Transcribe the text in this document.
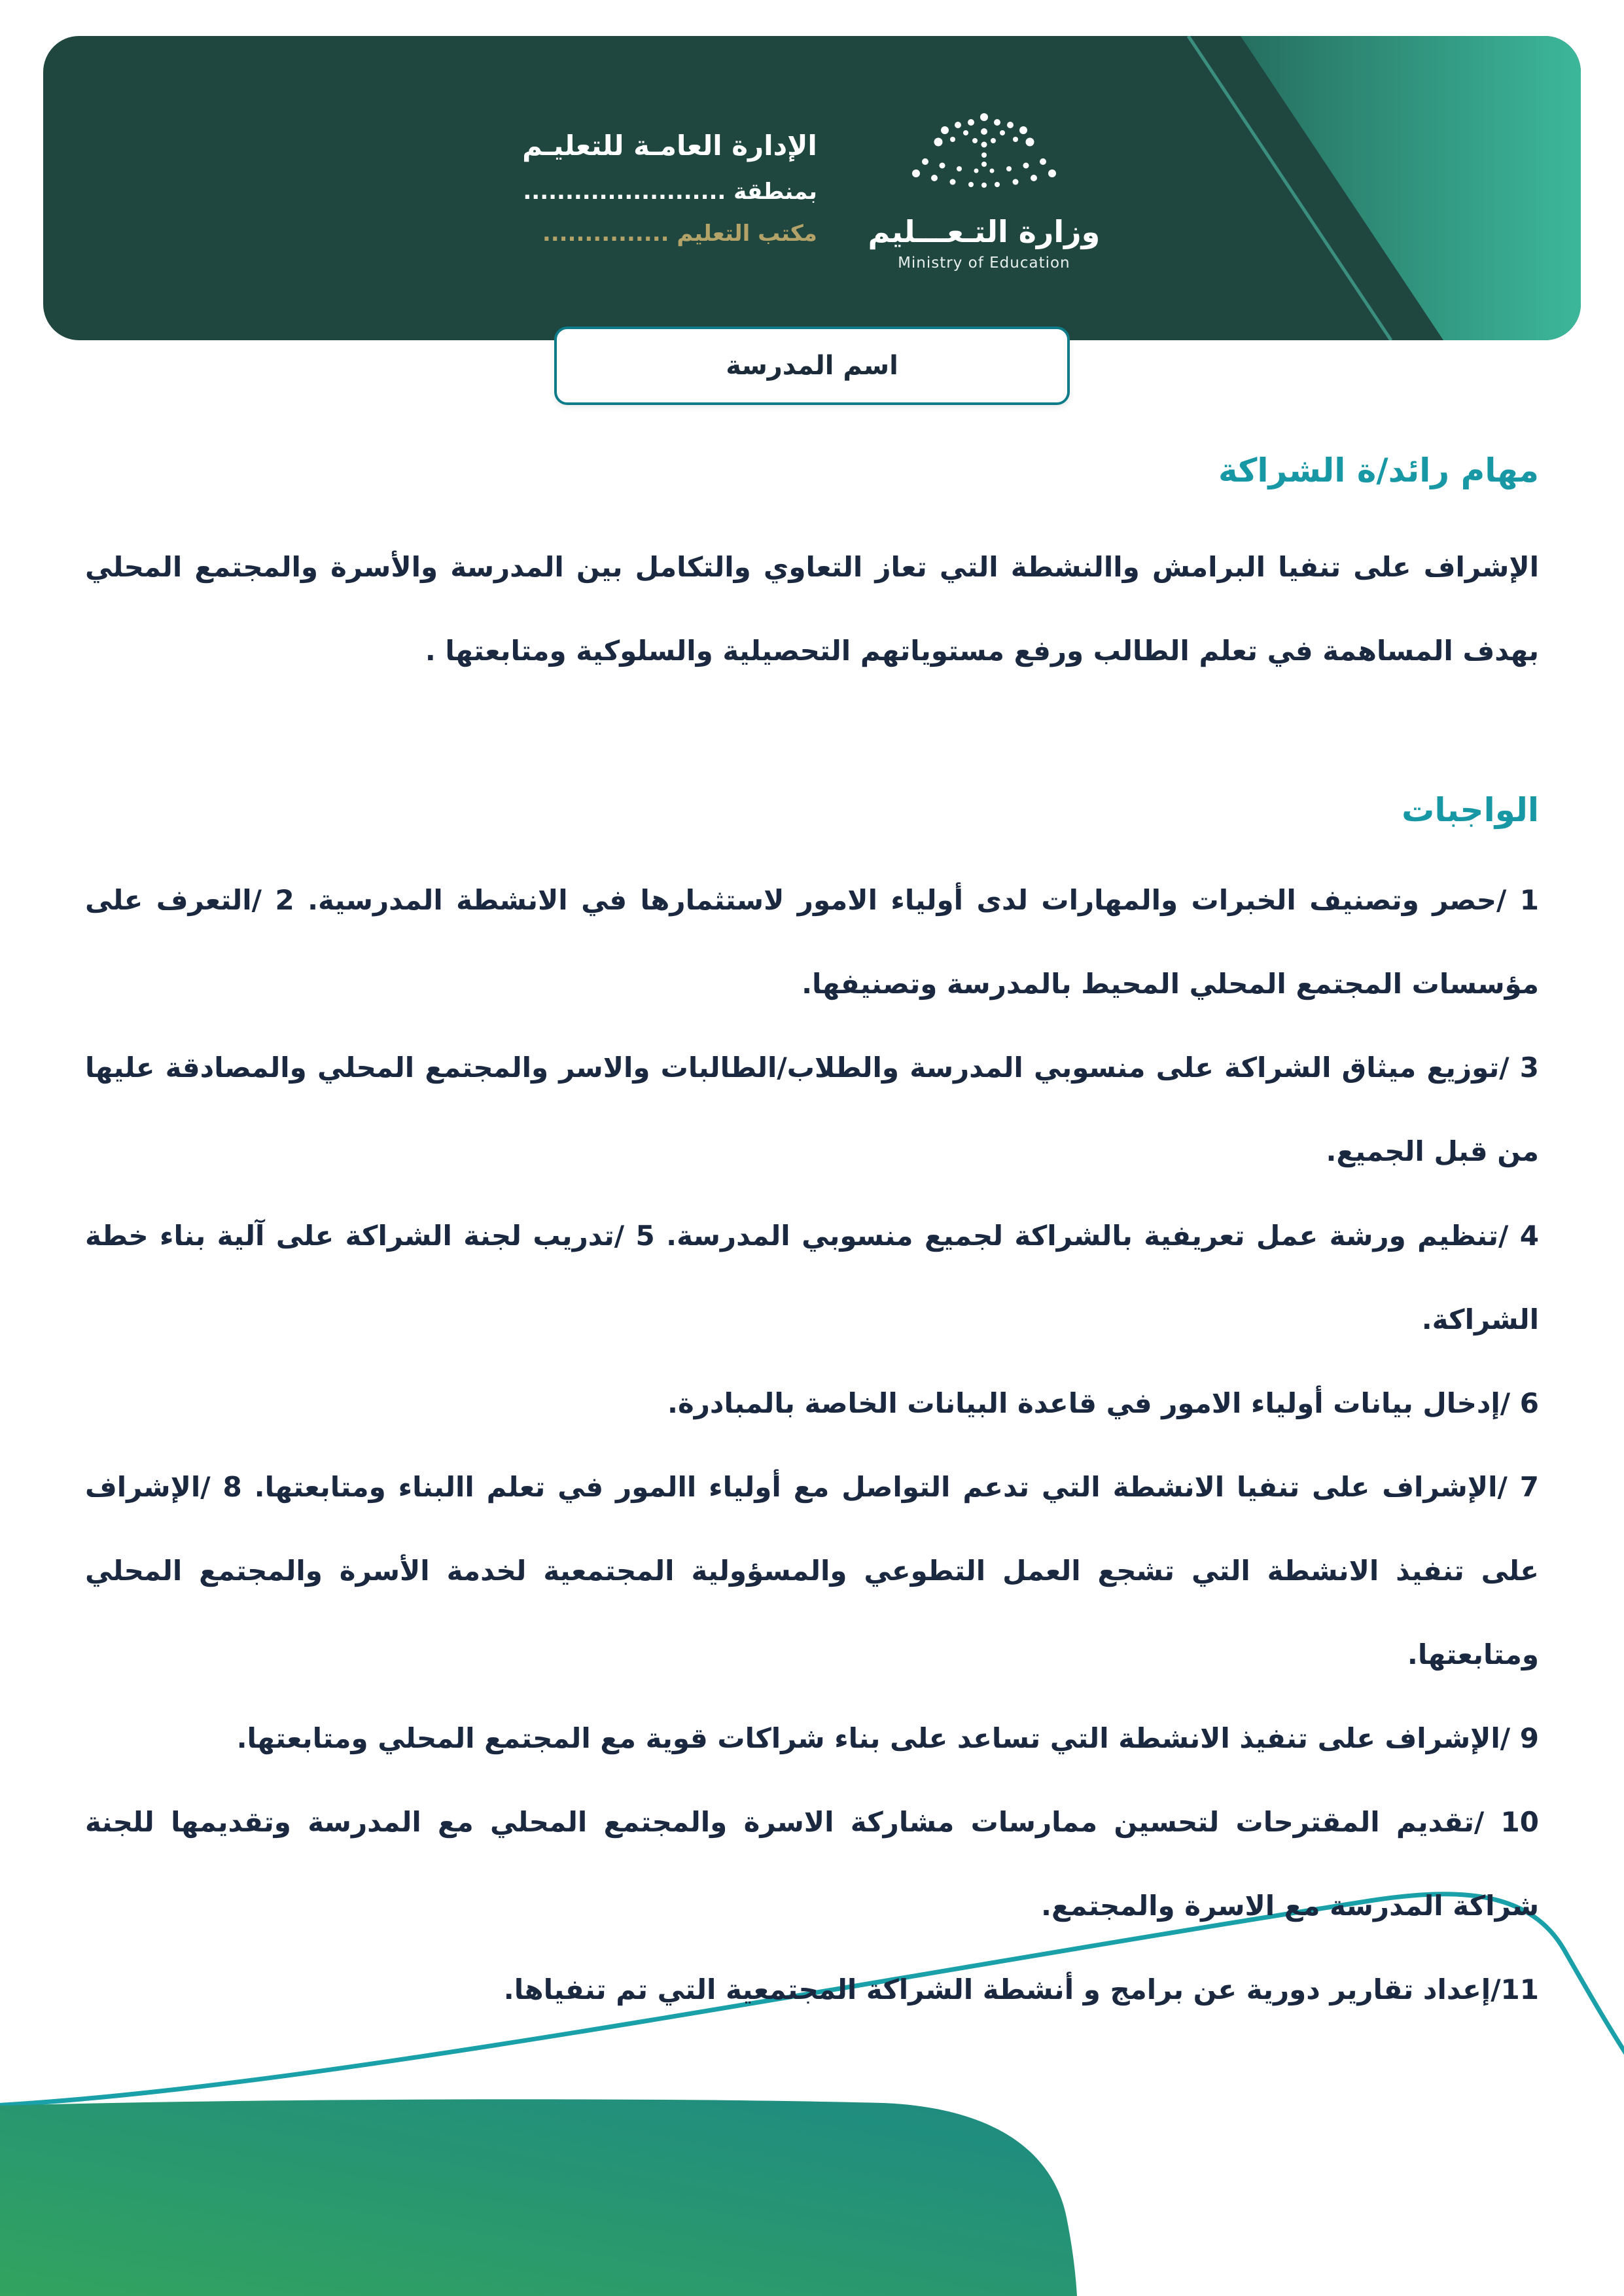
وزارة التـعـــليم
Ministry of Education

الإدارة العامـة للتعليـم

بمنطقة ........................

مكتب التعليم ...............

اسم المدرسة
مهام رائد/ة الشراكة

الإشراف على تنفيا البرامش واالنشطة التي تعاز التعاوي والتكامل بين المدرسة والأسرة والمجتمع المحلي بهدف المساهمة في تعلم الطالب ورفع مستوياتهم التحصيلية والسلوكية ومتابعتها .

الواجبات

1 /حصر وتصنيف الخبرات والمهارات لدى أولياء الامور لاستثمارها في الانشطة المدرسية. 2 /التعرف على مؤسسات المجتمع المحلي المحيط بالمدرسة وتصنيفها.

3 /توزيع ميثاق الشراكة على منسوبي المدرسة والطلاب/الطالبات والاسر والمجتمع المحلي والمصادقة عليها من قبل الجميع.

4 /تنظيم ورشة عمل تعريفية بالشراكة لجميع منسوبي المدرسة. 5 /تدريب لجنة الشراكة على آلية بناء خطة الشراكة.

6 /إدخال بيانات أولياء الامور في قاعدة البيانات الخاصة بالمبادرة.

7 /الإشراف على تنفيا الانشطة التي تدعم التواصل مع أولياء االمور في تعلم االبناء ومتابعتها. 8 /الإشراف على تنفيذ الانشطة التي تشجع العمل التطوعي والمسؤولية المجتمعية لخدمة الأسرة والمجتمع المحلي ومتابعتها.

9 /الإشراف على تنفيذ الانشطة التي تساعد على بناء شراكات قوية مع المجتمع المحلي ومتابعتها.

10 /تقديم المقترحات لتحسين ممارسات مشاركة الاسرة والمجتمع المحلي مع المدرسة وتقديمها للجنة شراكة المدرسة مع الاسرة والمجتمع.

11/إعداد تقارير دورية عن برامج و أنشطة الشراكة المجتمعية التي تم تنفياها.
